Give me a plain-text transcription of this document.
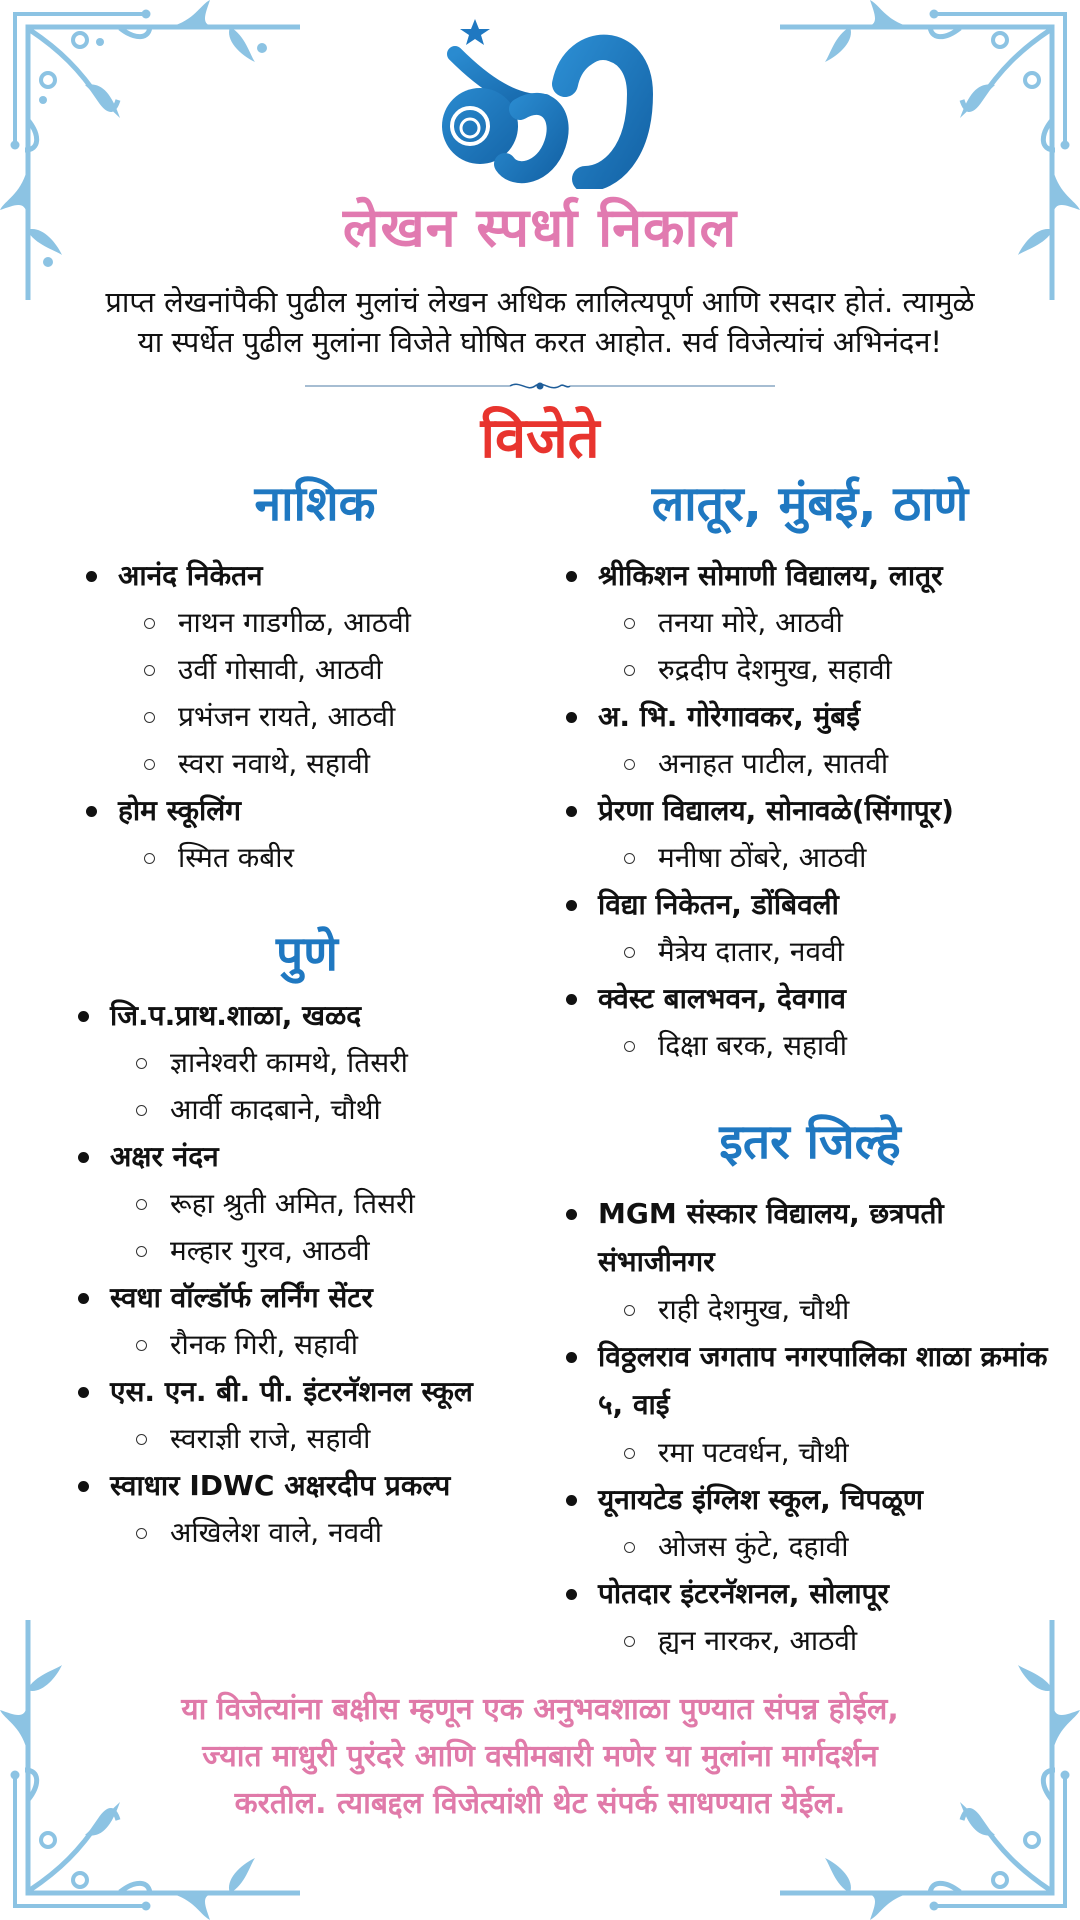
लेखन स्पर्धा निकाल
प्राप्त लेखनांपैकी पुढील मुलांचं लेखन अधिक लालित्यपूर्ण आणि रसदार होतं. त्यामुळे
या स्पर्धेत पुढील मुलांना विजेते घोषित करत आहोत. सर्व विजेत्यांचं अभिनंदन!
विजेते
नाशिक
आनंद निकेतन
नाथन गाडगीळ, आठवी
उर्वी गोसावी, आठवी
प्रभंजन रायते, आठवी
स्वरा नवाथे, सहावी
होम स्कूलिंग
स्मित कबीर
पुणे
जि.प.प्राथ.शाळा, खळद
ज्ञानेश्वरी कामथे, तिसरी
आर्वी कादबाने, चौथी
अक्षर नंदन
रूहा श्रुती अमित, तिसरी
मल्हार गुरव, आठवी
स्वधा वॉल्डॉर्फ लर्निंग सेंटर
रौनक गिरी, सहावी
एस. एन. बी. पी. इंटरनॅशनल स्कूल
स्वराज्ञी राजे, सहावी
स्वाधार IDWC अक्षरदीप प्रकल्प
अखिलेश वाले, नववी
लातूर, मुंबई, ठाणे
श्रीकिशन सोमाणी विद्यालय, लातूर
तनया मोरे, आठवी
रुद्रदीप देशमुख, सहावी
अ. भि. गोरेगावकर, मुंबई
अनाहत पाटील, सातवी
प्रेरणा विद्यालय, सोनावळे(सिंगापूर)
मनीषा ठोंबरे, आठवी
विद्या निकेतन, डोंबिवली
मैत्रेय दातार, नववी
क्वेस्ट बालभवन, देवगाव
दिक्षा बरक, सहावी
इतर जिल्हे
MGM संस्कार विद्यालय, छत्रपती संभाजीनगर
राही देशमुख, चौथी
विठ्ठलराव जगताप नगरपालिका शाळा क्रमांक ५, वाई
रमा पटवर्धन, चौथी
यूनायटेड इंग्लिश स्कूल, चिपळूण
ओजस कुंटे, दहावी
पोतदार इंटरनॅशनल, सोलापूर
ह्यन नारकर, आठवी
या विजेत्यांना बक्षीस म्हणून एक अनुभवशाळा पुण्यात संपन्न होईल,
ज्यात माधुरी पुरंदरे आणि वसीमबारी मणेर या मुलांना मार्गदर्शन
करतील. त्याबद्दल विजेत्यांशी थेट संपर्क साधण्यात येईल.
